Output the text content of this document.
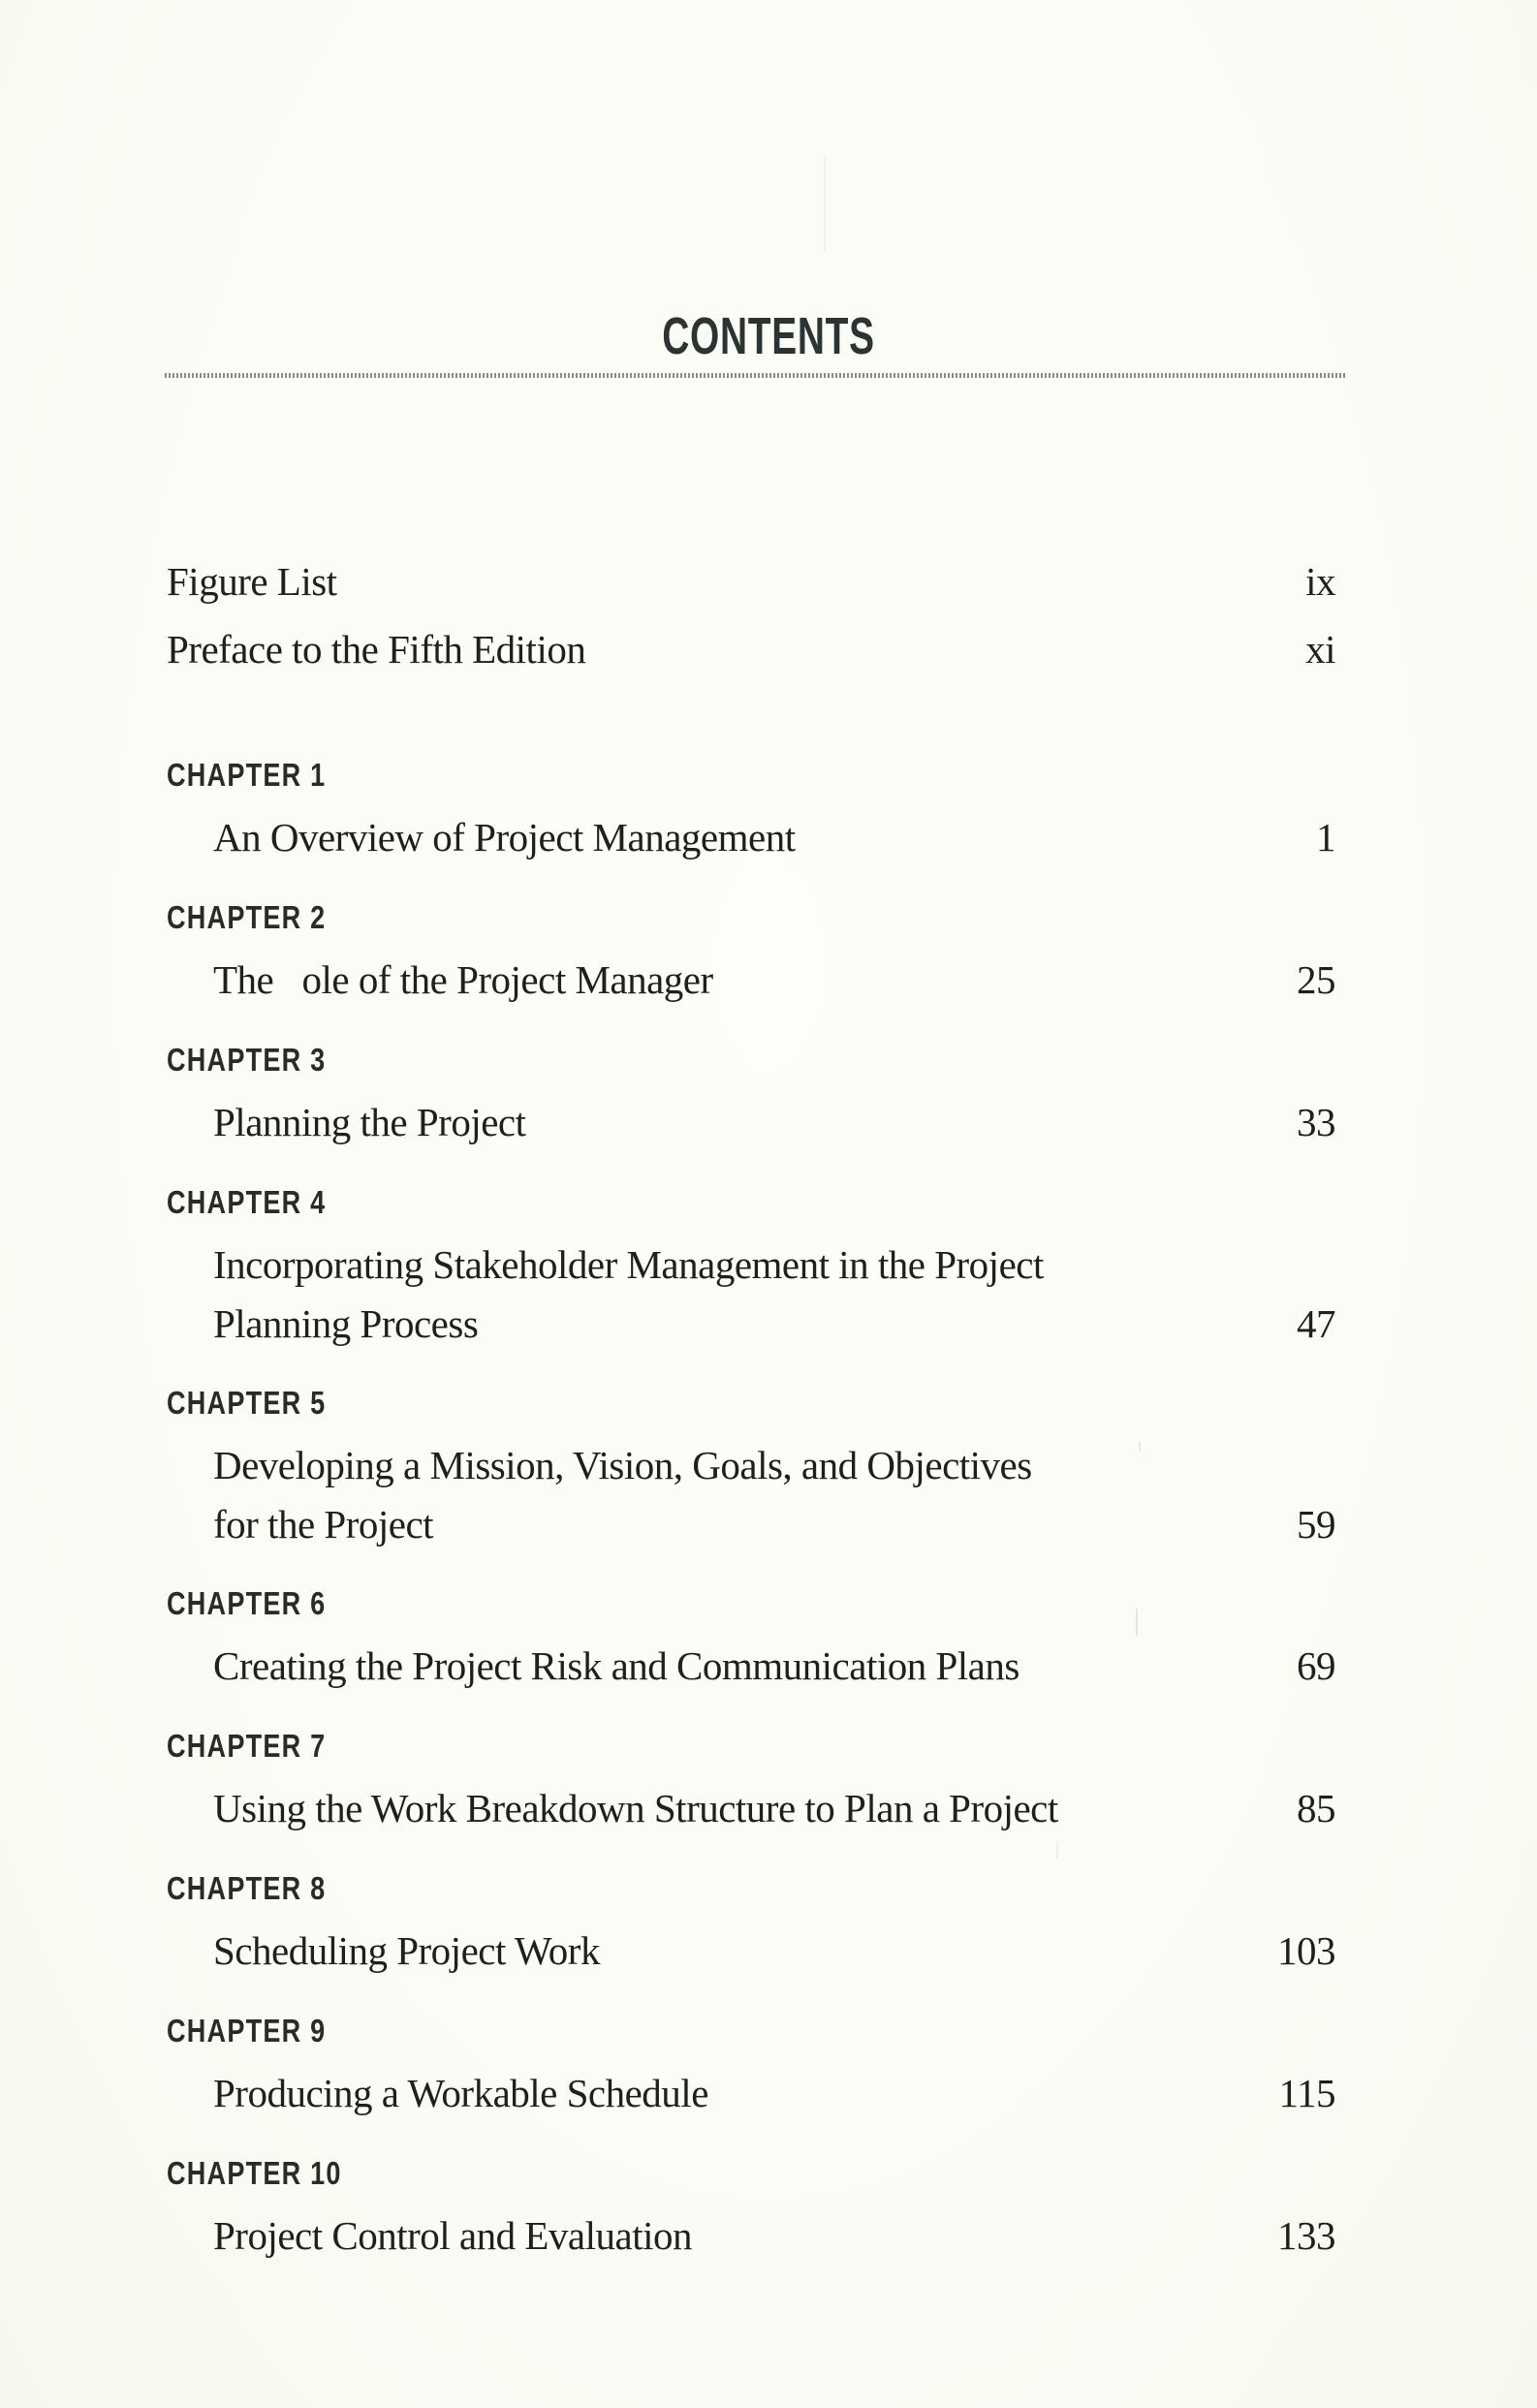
CONTENTS
Figure List	ix
Preface to the Fifth Edition	xi
CHAPTER 1
An Overview of Project Management	1
CHAPTER 2
The   ole of the Project Manager	25
CHAPTER 3
Planning the Project	33
CHAPTER 4
Incorporating Stakeholder Management in the Project
Planning Process	47
CHAPTER 5
Developing a Mission, Vision, Goals, and Objectives
for the Project	59
CHAPTER 6
Creating the Project Risk and Communication Plans	69
CHAPTER 7
Using the Work Breakdown Structure to Plan a Project	85
CHAPTER 8
Scheduling Project Work	103
CHAPTER 9
Producing a Workable Schedule	115
CHAPTER 10
Project Control and Evaluation	133
